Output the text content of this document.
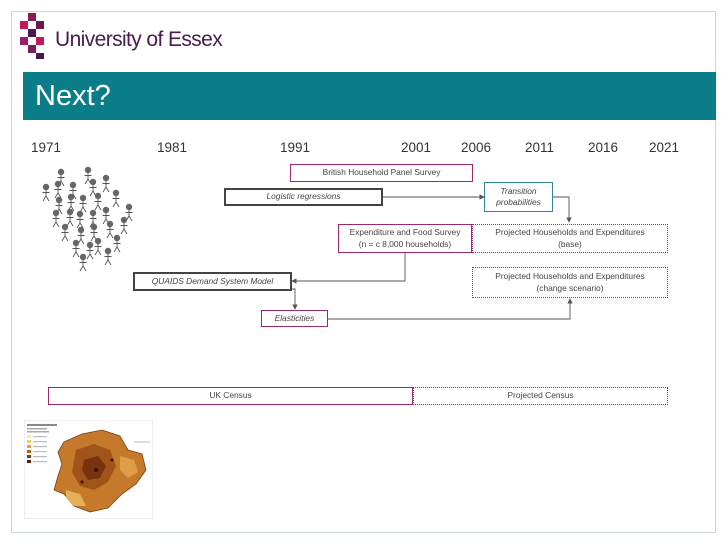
University of Essex
Next?
1971	1981	1991	2001 2006	2011	2016 2021
British Household Panel Survey
Logistic regressions
Transition
probabilities
Expenditure and Food Survey
(n = c 8,000 households)
Projected Households and Expenditures
(base)
Projected Households and Expenditures
(change scenario)
QUAIDS Demand System Model
Elasticities
UK Census	Projected Census
